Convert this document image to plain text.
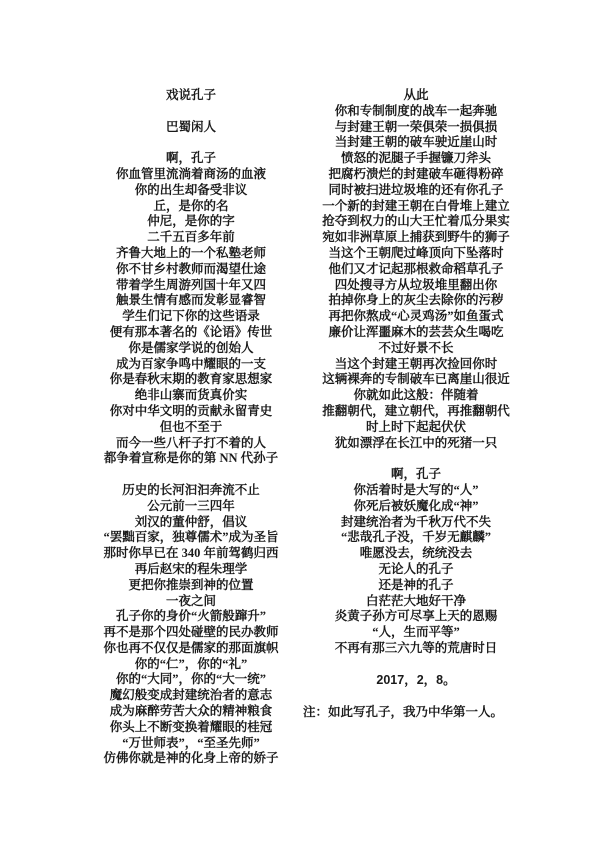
戏说孔子
巴蜀闲人
啊，孔子
你血管里流淌着商汤的血液
你的出生却备受非议
丘，是你的名
仲尼，是你的字
二千五百多年前
齐鲁大地上的一个私塾老师
你不甘乡村教师而渴望仕途
带着学生周游列国十年又四
触景生情有感而发彰显睿智
学生们记下你的这些语录
便有那本著名的《论语》传世
你是儒家学说的创始人
成为百家争鸣中耀眼的一支
你是春秋末期的教育家思想家
绝非山寨而货真价实
你对中华文明的贡献永留青史
但也不至于
而今一些八杆子打不着的人
都争着宣称是你的第 NN 代孙子
历史的长河汩汩奔流不止
公元前一三四年
刘汉的董仲舒，倡议
“罢黜百家，独尊儒术”成为圣旨
那时你早已在 340 年前驾鹤归西
再后赵宋的程朱理学
更把你推崇到神的位置
一夜之间
孔子你的身价“火箭般蹿升”
再不是那个四处碰壁的民办教师
你也再不仅仅是儒家的那面旗帜
你的“仁”，你的“礼”
你的“大同”，你的“大一统”
魔幻般变成封建统治者的意志
成为麻醉劳苦大众的精神粮食
你头上不断变换着耀眼的桂冠
“万世师表”，“至圣先师”
仿佛你就是神的化身上帝的娇子
从此
你和专制制度的战车一起奔驰
与封建王朝一荣俱荣一损俱损
当封建王朝的破车驶近崖山时
愤怒的泥腿子手握镰刀斧头
把腐朽溃烂的封建破车砸得粉碎
同时被扫进垃圾堆的还有你孔子
一个新的封建王朝在白骨堆上建立
抢夺到权力的山大王忙着瓜分果实
宛如非洲草原上捕获到野牛的狮子
当这个王朝爬过峰顶向下坠落时
他们又才记起那根救命稻草孔子
四处搜寻方从垃圾堆里翻出你
拍掉你身上的灰尘去除你的污秽
再把你熬成“心灵鸡汤”如鱼蛋式
廉价让浑噩麻木的芸芸众生喝吃
不过好景不长
当这个封建王朝再次捡回你时
这辆裸奔的专制破车已离崖山很近
你就如此这般：伴随着
推翻朝代，建立朝代，再推翻朝代
时上时下起起伏伏
犹如漂浮在长江中的死猪一只
啊，孔子
你活着时是大写的“人”
你死后被妖魔化成“神”
封建统治者为千秋万代不失
“悲哉孔子没，千岁无麒麟”
唯愿没去，统统没去
无论人的孔子
还是神的孔子
白茫茫大地好干净
炎黄子孙方可尽享上天的恩赐
“人，生而平等”
不再有那三六九等的荒唐时日
2017，2，8。
注：如此写孔子，我乃中华第一人。
